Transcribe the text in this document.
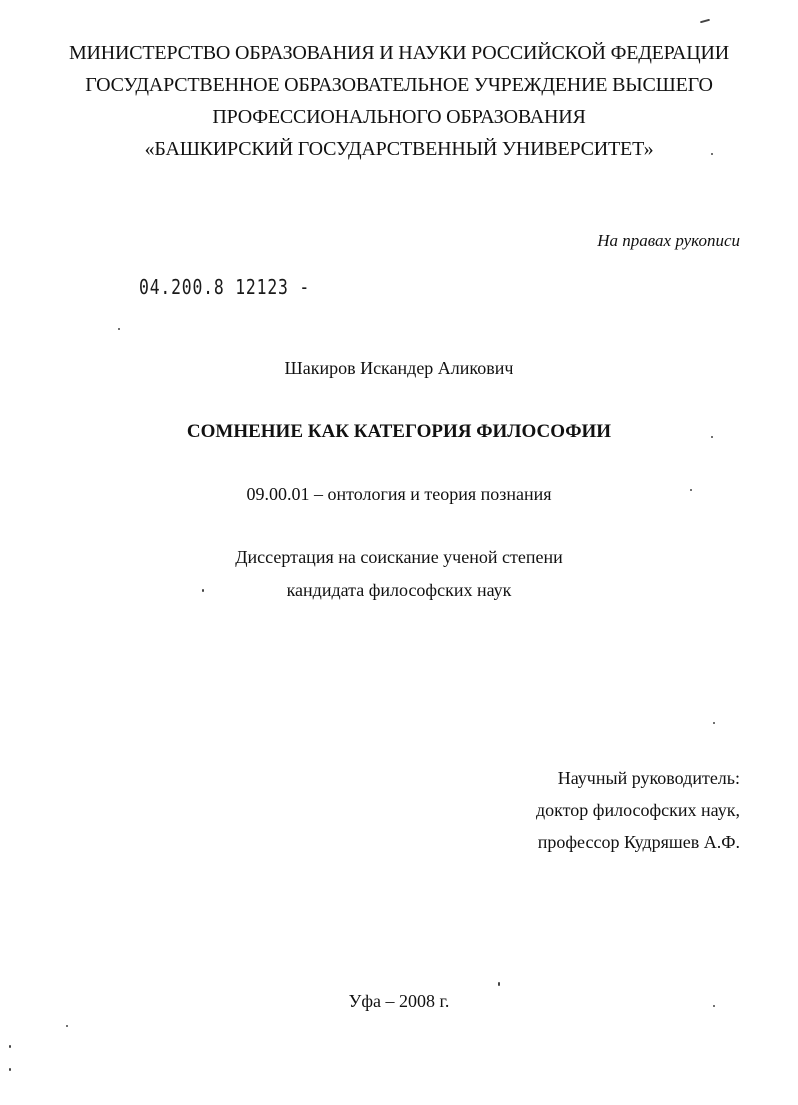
МИНИСТЕРСТВО ОБРАЗОВАНИЯ И НАУКИ РОССИЙСКОЙ ФЕДЕРАЦИИ
ГОСУДАРСТВЕННОЕ ОБРАЗОВАТЕЛЬНОЕ УЧРЕЖДЕНИЕ ВЫСШЕГО
ПРОФЕССИОНАЛЬНОГО ОБРАЗОВАНИЯ
«БАШКИРСКИЙ ГОСУДАРСТВЕННЫЙ УНИВЕРСИТЕТ»
На правах рукописи
04.200.8 12123 -
Шакиров Искандер Аликович
СОМНЕНИЕ КАК КАТЕГОРИЯ ФИЛОСОФИИ
09.00.01 – онтология и теория познания
Диссертация на соискание ученой степени
кандидата философских наук
Научный руководитель:
доктор философских наук,
профессор Кудряшев А.Ф.
Уфа – 2008 г.
